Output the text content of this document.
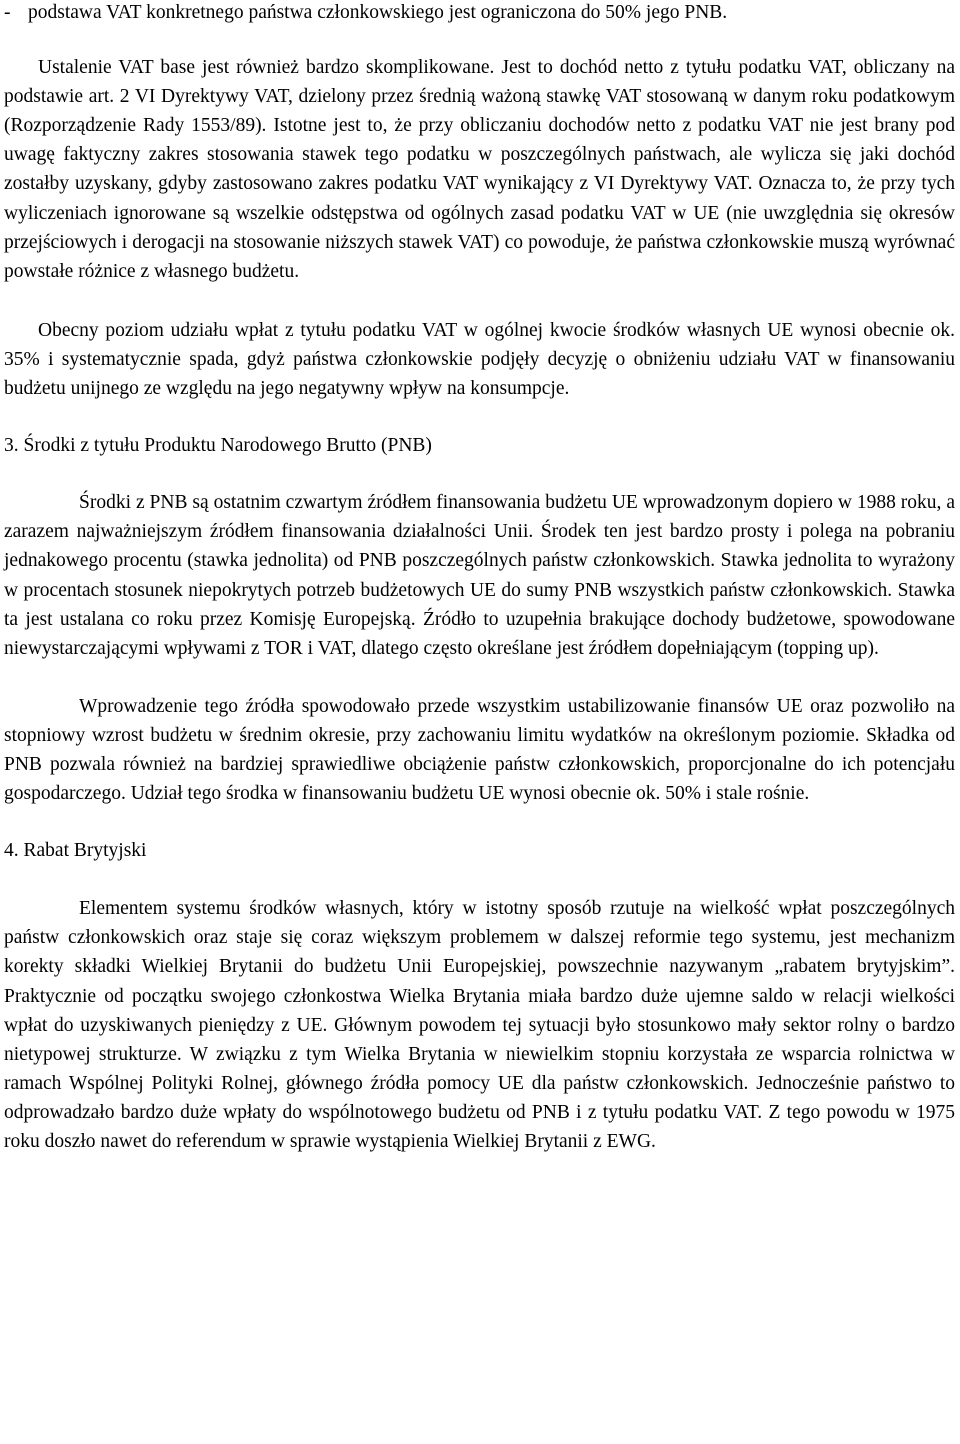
- podstawa VAT konkretnego państwa członkowskiego jest ograniczona do 50% jego PNB.

Ustalenie VAT base jest również bardzo skomplikowane. Jest to dochód netto z tytułu podatku VAT, obliczany na podstawie art. 2 VI Dyrektywy VAT, dzielony przez średnią ważoną stawkę VAT stosowaną w danym roku podatkowym (Rozporządzenie Rady 1553/89). Istotne jest to, że przy obliczaniu dochodów netto z podatku VAT nie jest brany pod uwagę faktyczny zakres stosowania stawek tego podatku w poszczególnych państwach, ale wylicza się jaki dochód zostałby uzyskany, gdyby zastosowano zakres podatku VAT wynikający z VI Dyrektywy VAT. Oznacza to, że przy tych wyliczeniach ignorowane są wszelkie odstępstwa od ogólnych zasad podatku VAT w UE (nie uwzględnia się okresów przejściowych i derogacji na stosowanie niższych stawek VAT) co powoduje, że państwa członkowskie muszą wyrównać powstałe różnice z własnego budżetu.

Obecny poziom udziału wpłat z tytułu podatku VAT w ogólnej kwocie środków własnych UE wynosi obecnie ok. 35% i systematycznie spada, gdyż państwa członkowskie podjęły decyzję o obniżeniu udziału VAT w finansowaniu budżetu unijnego ze względu na jego negatywny wpływ na konsumpcje.

3. Środki z tytułu Produktu Narodowego Brutto (PNB)

Środki z PNB są ostatnim czwartym źródłem finansowania budżetu UE wprowadzonym dopiero w 1988 roku, a zarazem najważniejszym źródłem finansowania działalności Unii. Środek ten jest bardzo prosty i polega na pobraniu jednakowego procentu (stawka jednolita) od PNB poszczególnych państw członkowskich. Stawka jednolita to wyrażony w procentach stosunek niepokrytych potrzeb budżetowych UE do sumy PNB wszystkich państw członkowskich. Stawka ta jest ustalana co roku przez Komisję Europejską. Źródło to uzupełnia brakujące dochody budżetowe, spowodowane niewystarczającymi wpływami z TOR i VAT, dlatego często określane jest źródłem dopełniającym (topping up).

Wprowadzenie tego źródła spowodowało przede wszystkim ustabilizowanie finansów UE oraz pozwoliło na stopniowy wzrost budżetu w średnim okresie, przy zachowaniu limitu wydatków na określonym poziomie. Składka od PNB pozwala również na bardziej sprawiedliwe obciążenie państw członkowskich, proporcjonalne do ich potencjału gospodarczego. Udział tego środka w finansowaniu budżetu UE wynosi obecnie ok. 50% i stale rośnie.

4. Rabat Brytyjski

Elementem systemu środków własnych, który w istotny sposób rzutuje na wielkość wpłat poszczególnych państw członkowskich oraz staje się coraz większym problemem w dalszej reformie tego systemu, jest mechanizm korekty składki Wielkiej Brytanii do budżetu Unii Europejskiej, powszechnie nazywanym „rabatem brytyjskim”. Praktycznie od początku swojego członkostwa Wielka Brytania miała bardzo duże ujemne saldo w relacji wielkości wpłat do uzyskiwanych pieniędzy z UE. Głównym powodem tej sytuacji było stosunkowo mały sektor rolny o bardzo nietypowej strukturze. W związku z tym Wielka Brytania w niewielkim stopniu korzystała ze wsparcia rolnictwa w ramach Wspólnej Polityki Rolnej, głównego źródła pomocy UE dla państw członkowskich. Jednocześnie państwo to odprowadzało bardzo duże wpłaty do wspólnotowego budżetu od PNB i z tytułu podatku VAT. Z tego powodu w 1975 roku doszło nawet do referendum w sprawie wystąpienia Wielkiej Brytanii z EWG.
